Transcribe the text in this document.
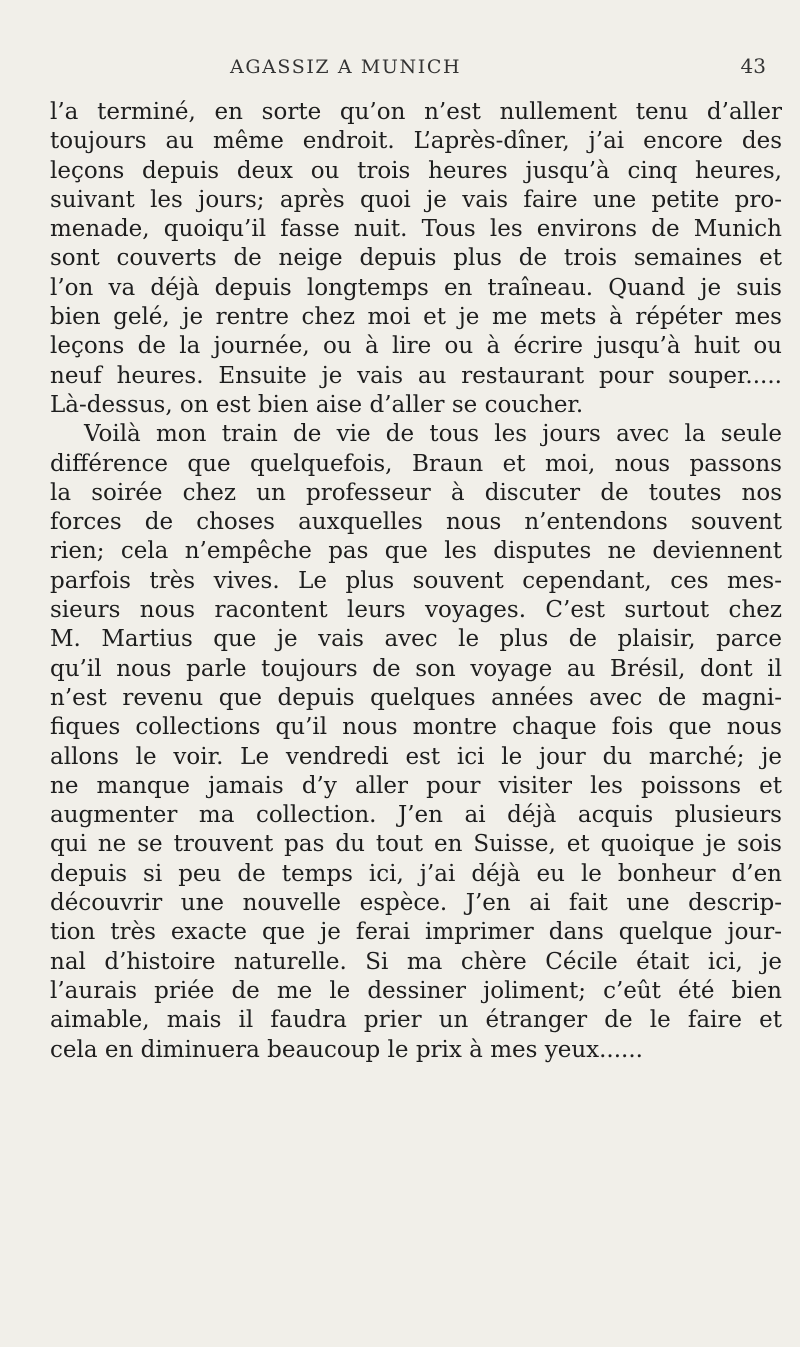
AGASSIZ A MUNICH	43
l’a terminé, en sorte qu’on n’est nullement tenu d’aller
toujours au même endroit. L’après-dîner, j’ai encore des
leçons depuis deux ou trois heures jusqu’à cinq heures,
suivant les jours; après quoi je vais faire une petite pro-
menade, quoiqu’il fasse nuit. Tous les environs de Munich
sont couverts de neige depuis plus de trois semaines et
l’on va déjà depuis longtemps en traîneau. Quand je suis
bien gelé, je rentre chez moi et je me mets à répéter mes
leçons de la journée, ou à lire ou à écrire jusqu’à huit ou
neuf heures. Ensuite je vais au restaurant pour souper.....
Là-dessus, on est bien aise d’aller se coucher.
Voilà mon train de vie de tous les jours avec la seule
différence que quelquefois, Braun et moi, nous passons
la soirée chez un professeur à discuter de toutes nos
forces de choses auxquelles nous n’entendons souvent
rien; cela n’empêche pas que les disputes ne deviennent
parfois très vives. Le plus souvent cependant, ces mes-
sieurs nous racontent leurs voyages. C’est surtout chez
M. Martius que je vais avec le plus de plaisir, parce
qu’il nous parle toujours de son voyage au Brésil, dont il
n’est revenu que depuis quelques années avec de magni-
fiques collections qu’il nous montre chaque fois que nous
allons le voir. Le vendredi est ici le jour du marché; je
ne manque jamais d’y aller pour visiter les poissons et
augmenter ma collection. J’en ai déjà acquis plusieurs
qui ne se trouvent pas du tout en Suisse, et quoique je sois
depuis si peu de temps ici, j’ai déjà eu le bonheur d’en
découvrir une nouvelle espèce. J’en ai fait une descrip-
tion très exacte que je ferai imprimer dans quelque jour-
nal d’histoire naturelle. Si ma chère Cécile était ici, je
l’aurais priée de me le dessiner joliment; c’eût été bien
aimable, mais il faudra prier un étranger de le faire et
cela en diminuera beaucoup le prix à mes yeux......
